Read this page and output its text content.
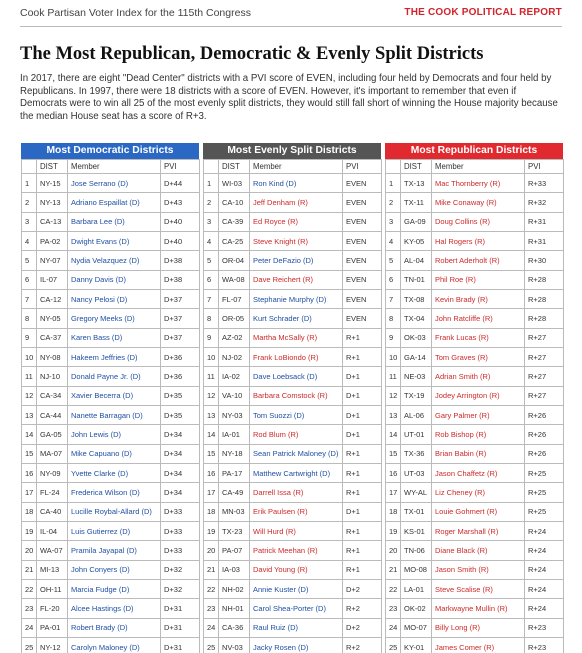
Cook Partisan Voter Index for the 115th Congress	THE COOK POLITICAL REPORT
The Most Republican, Democratic & Evenly Split Districts

In 2017, there are eight "Dead Center" districts with a PVI score of EVEN, including four held by Democrats and four held by Republicans. In 1997, there were 18 districts with a score of EVEN. However, it's important to remember that even if Democrats were to win all 25 of the most evenly split districts, they would still fall short of winning the House majority because the median House seat has a score of R+3.

Most Democratic Districts
	DIST	Member	PVI
1	NY-15	Jose Serrano (D)	D+44
2	NY-13	Adriano Espaillat (D)	D+43
3	CA-13	Barbara Lee (D)	D+40
4	PA-02	Dwight Evans (D)	D+40
5	NY-07	Nydia Velazquez (D)	D+38
6	IL-07	Danny Davis (D)	D+38
7	CA-12	Nancy Pelosi (D)	D+37
8	NY-05	Gregory Meeks (D)	D+37
9	CA-37	Karen Bass (D)	D+37
10	NY-08	Hakeem Jeffries (D)	D+36
11	NJ-10	Donald Payne Jr. (D)	D+36
12	CA-34	Xavier Becerra (D)	D+35
13	CA-44	Nanette Barragan (D)	D+35
14	GA-05	John Lewis (D)	D+34
15	MA-07	Mike Capuano (D)	D+34
16	NY-09	Yvette Clarke (D)	D+34
17	FL-24	Frederica Wilson (D)	D+34
18	CA-40	Lucille Roybal-Allard (D)	D+33
19	IL-04	Luis Gutierrez (D)	D+33
20	WA-07	Pramila Jayapal (D)	D+33
21	MI-13	John Conyers (D)	D+32
22	OH-11	Marcia Fudge (D)	D+32
23	FL-20	Alcee Hastings (D)	D+31
24	PA-01	Robert Brady (D)	D+31
25	NY-12	Carolyn Maloney (D)	D+31
Most Evenly Split Districts
	DIST	Member	PVI
1	WI-03	Ron Kind (D)	EVEN
2	CA-10	Jeff Denham (R)	EVEN
3	CA-39	Ed Royce (R)	EVEN
4	CA-25	Steve Knight (R)	EVEN
5	OR-04	Peter DeFazio (D)	EVEN
6	WA-08	Dave Reichert (R)	EVEN
7	FL-07	Stephanie Murphy (D)	EVEN
8	OR-05	Kurt Schrader (D)	EVEN
9	AZ-02	Martha McSally (R)	R+1
10	NJ-02	Frank LoBiondo (R)	R+1
11	IA-02	Dave Loebsack (D)	D+1
12	VA-10	Barbara Comstock (R)	D+1
13	NY-03	Tom Suozzi (D)	D+1
14	IA-01	Rod Blum (R)	D+1
15	NY-18	Sean Patrick Maloney (D)	R+1
16	PA-17	Matthew Cartwright (D)	R+1
17	CA-49	Darrell Issa (R)	R+1
18	MN-03	Erik Paulsen (R)	D+1
19	TX-23	Will Hurd (R)	R+1
20	PA-07	Patrick Meehan (R)	R+1
21	IA-03	David Young (R)	R+1
22	NH-02	Annie Kuster (D)	D+2
23	NH-01	Carol Shea-Porter (D)	R+2
24	CA-36	Raul Ruiz (D)	D+2
25	NV-03	Jacky Rosen (D)	R+2
Most Republican Districts
	DIST	Member	PVI
1	TX-13	Mac Thornberry (R)	R+33
2	TX-11	Mike Conaway (R)	R+32
3	GA-09	Doug Collins (R)	R+31
4	KY-05	Hal Rogers (R)	R+31
5	AL-04	Robert Aderholt (R)	R+30
6	TN-01	Phil Roe (R)	R+28
7	TX-08	Kevin Brady (R)	R+28
8	TX-04	John Ratcliffe (R)	R+28
9	OK-03	Frank Lucas (R)	R+27
10	GA-14	Tom Graves (R)	R+27
11	NE-03	Adrian Smith (R)	R+27
12	TX-19	Jodey Arrington (R)	R+27
13	AL-06	Gary Palmer (R)	R+26
14	UT-01	Rob Bishop (R)	R+26
15	TX-36	Brian Babin (R)	R+26
16	UT-03	Jason Chaffetz (R)	R+25
17	WY-AL	Liz Cheney (R)	R+25
18	TX-01	Louie Gohmert (R)	R+25
19	KS-01	Roger Marshall (R)	R+24
20	TN-06	Diane Black (R)	R+24
21	MO-08	Jason Smith (R)	R+24
22	LA-01	Steve Scalise (R)	R+24
23	OK-02	Markwayne Mullin (R)	R+24
24	MO-07	Billy Long (R)	R+23
25	KY-01	James Comer (R)	R+23
